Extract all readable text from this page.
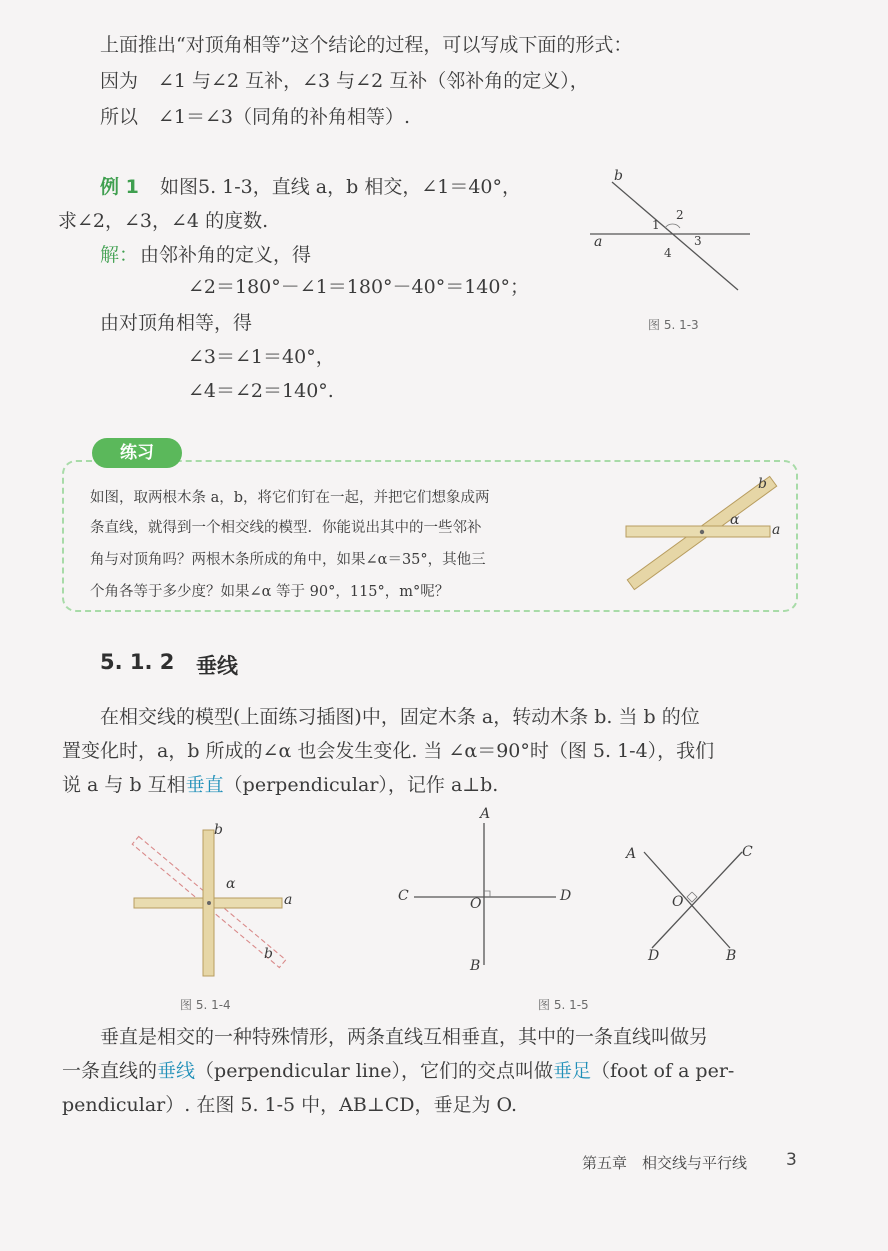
上面推出“对顶角相等”这个结论的过程，可以写成下面的形式：
因为 ∠1 与∠2 互补，∠3 与∠2 互补（邻补角的定义），
所以 ∠1＝∠3（同角的补角相等）.
例 1 如图5. 1-3，直线 a，b 相交，∠1＝40°，
求∠2，∠3，∠4 的度数.
解： 由邻补角的定义，得
∠2＝180°－∠1＝180°－40°＝140°；
由对顶角相等，得
∠3＝∠1＝40°，
∠4＝∠2＝140°.
b
a
1
2
3
4
图 5. 1-3
练习
如图，取两根木条 a，b，将它们钉在一起，并把它们想象成两
条直线，就得到一个相交线的模型．你能说出其中的一些邻补
角与对顶角吗？两根木条所成的角中，如果∠α＝35°，其他三
个角各等于多少度？如果∠α 等于 90°，115°，m°呢？
b
a
α
5. 1. 2 垂线
在相交线的模型(上面练习插图)中，固定木条 a，转动木条 b. 当 b 的位
置变化时，a，b 所成的∠α 也会发生变化. 当 ∠α＝90°时（图 5. 1-4），我们
说 a 与 b 互相垂直（perpendicular），记作 a⊥b.
b
a
b
α
图 5. 1-4
A
B
C	D
O
A	C
D	B
O
图 5. 1-5
垂直是相交的一种特殊情形，两条直线互相垂直，其中的一条直线叫做另
一条直线的垂线（perpendicular line），它们的交点叫做垂足（foot of a per-
pendicular）. 在图 5. 1-5 中，AB⊥CD，垂足为 O.
第五章　相交线与平行线 3
